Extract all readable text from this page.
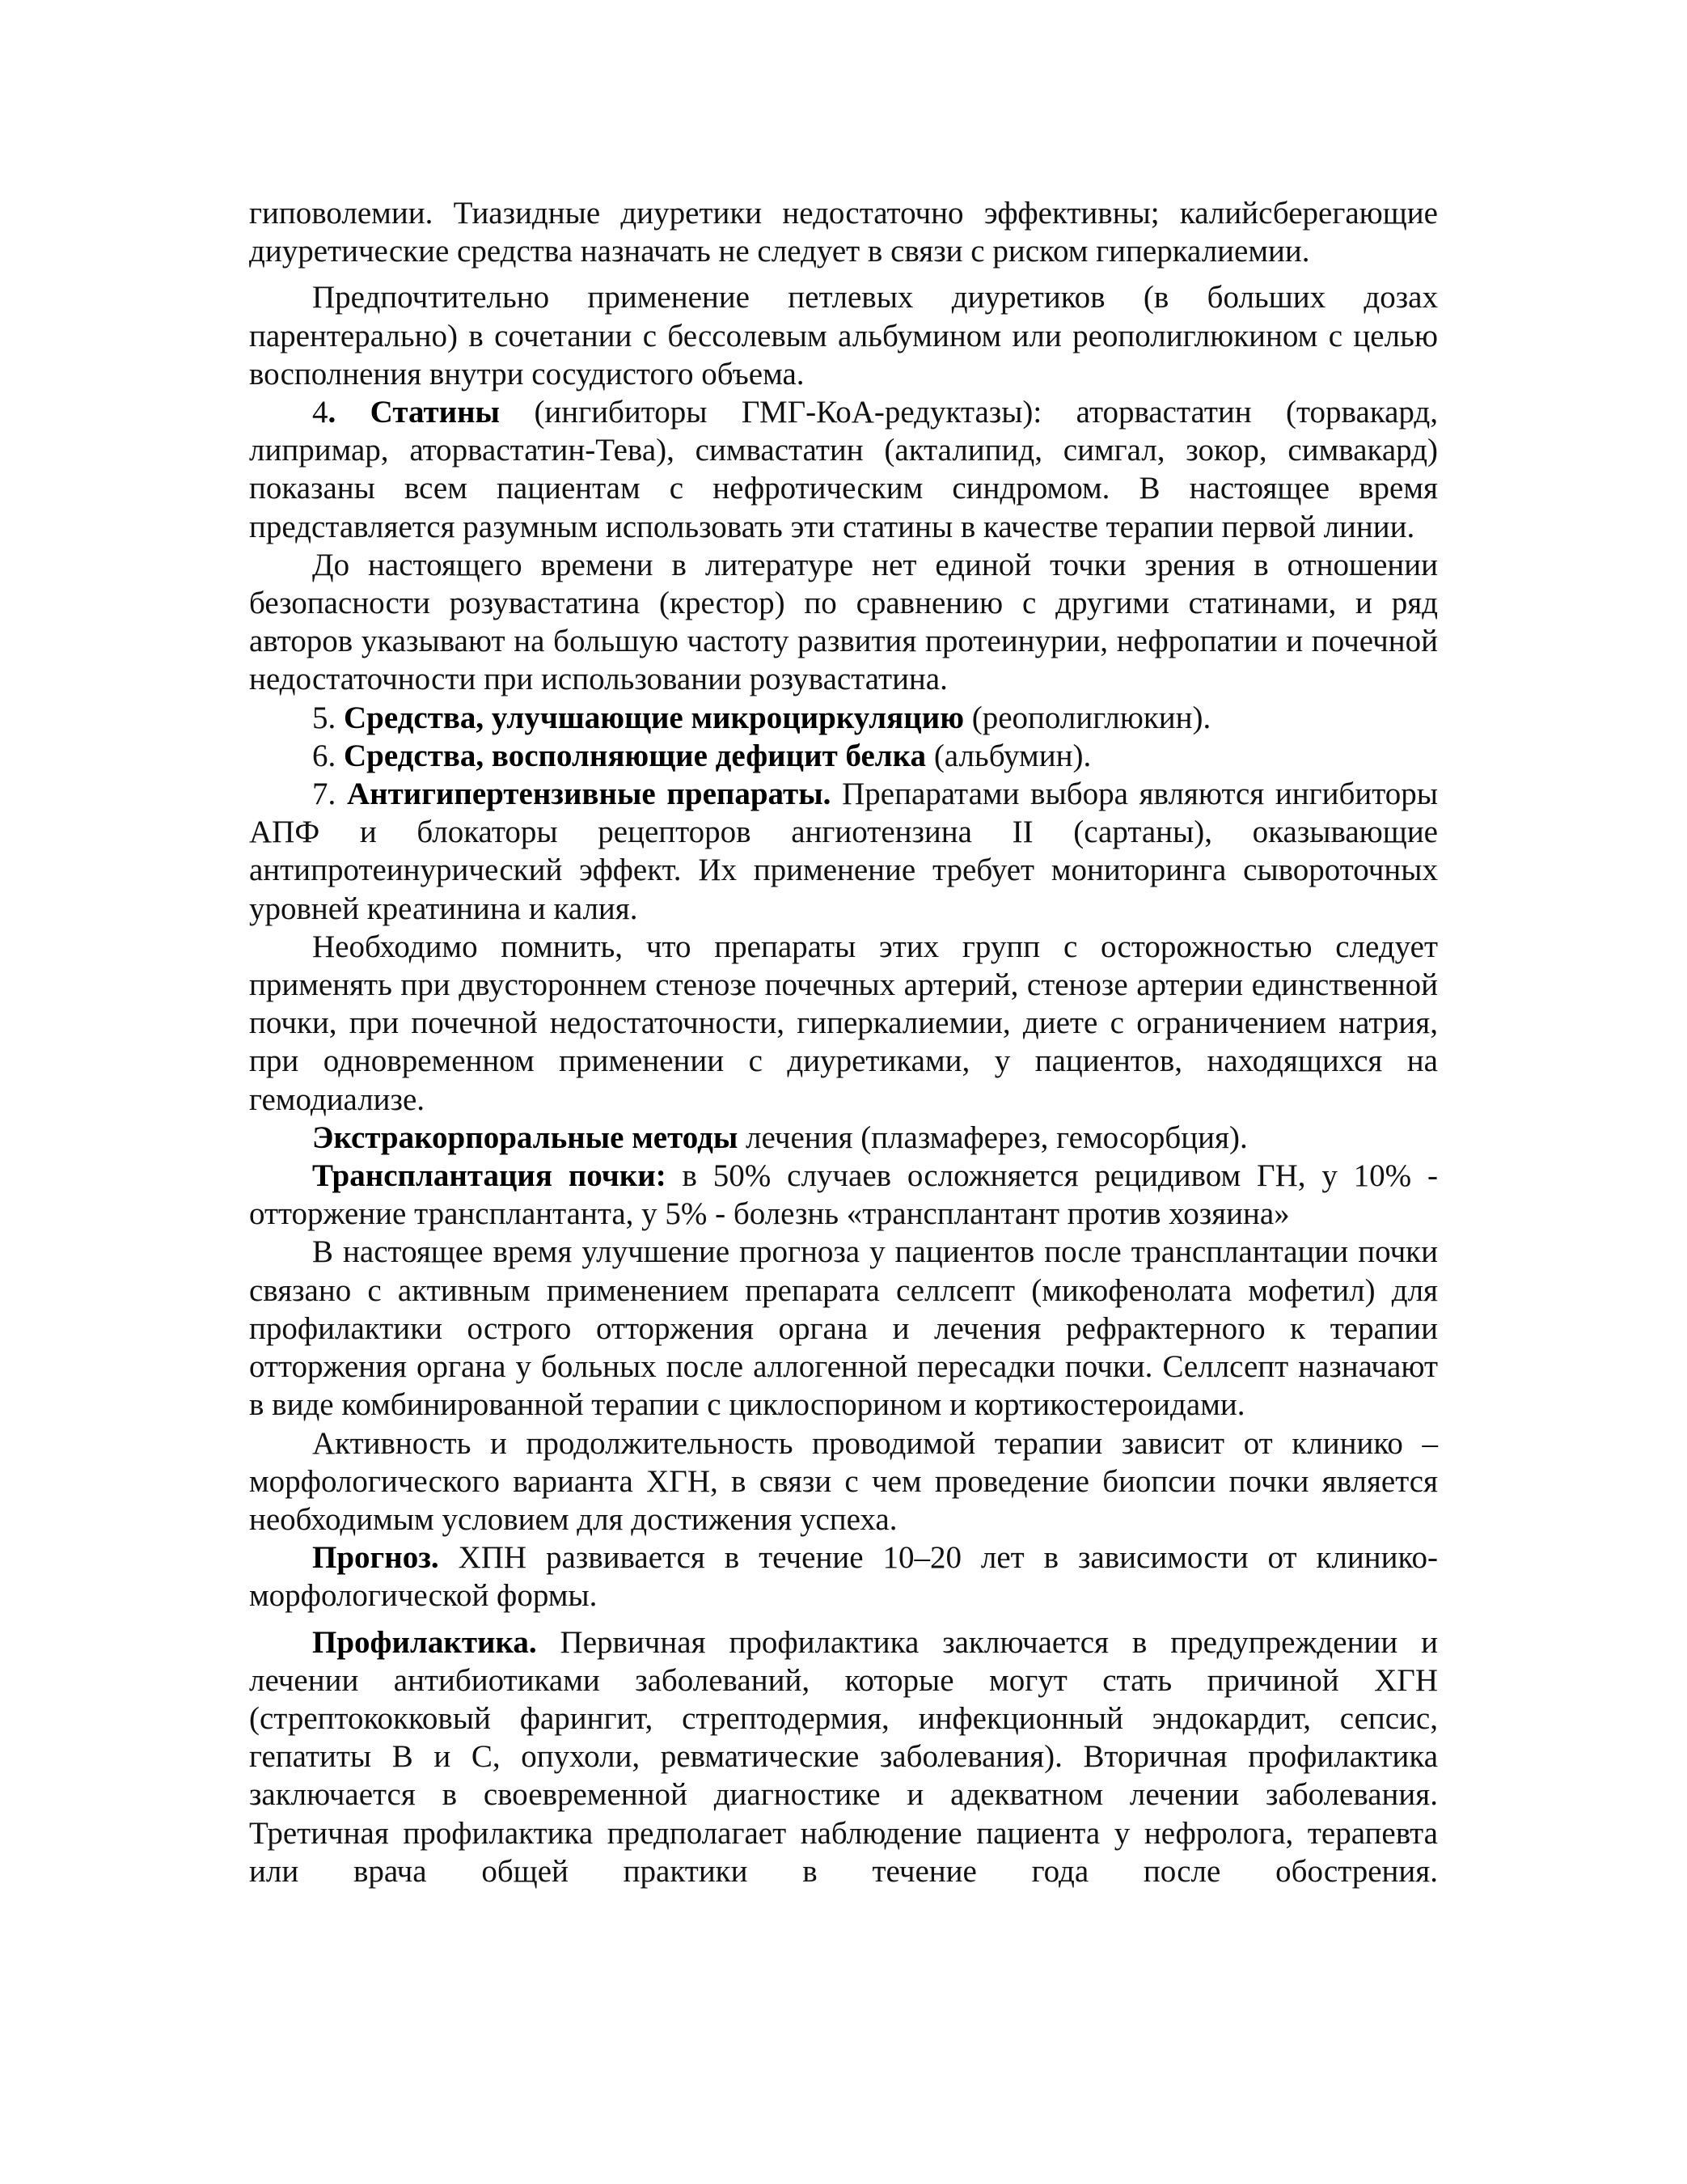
гиповолемии. Тиазидные диуретики недостаточно эффективны; калийсберегающие диуретические средства назначать не следует в связи с риском гиперкалиемии.

Предпочтительно применение петлевых диуретиков (в больших дозах парентерально) в сочетании с бессолевым альбумином или реополиглюкином с целью восполнения внутри сосудистого объема.

4. Статины (ингибиторы ГМГ-КоА-редуктазы): аторвастатин (торвакард, липримар, аторвастатин-Тева), симвастатин (акталипид, симгал, зокор, симвакард) показаны всем пациентам с нефротическим синдромом. В настоящее время представляется разумным использовать эти статины в качестве терапии первой линии.

До настоящего времени в литературе нет единой точки зрения в отношении безопасности розувастатина (крестор) по сравнению с другими статинами, и ряд авторов указывают на большую частоту развития протеинурии, нефропатии и почечной недостаточности при использовании розувастатина.

5. Средства, улучшающие микроциркуляцию (реополиглюкин).

6. Средства, восполняющие дефицит белка (альбумин).

7. Антигипертензивные препараты. Препаратами выбора являются ингибиторы АПФ и блокаторы рецепторов ангиотензина II (сартаны), оказывающие антипротеинурический эффект. Их применение требует мониторинга сывороточных уровней креатинина и калия.

Необходимо помнить, что препараты этих групп с осторожностью следует применять при двустороннем стенозе почечных артерий, стенозе артерии единственной почки, при почечной недостаточности, гиперкалиемии, диете с ограничением натрия, при одновременном применении с диуретиками, у пациентов, находящихся на гемодиализе.

Экстракорпоральные методы лечения (плазмаферез, гемосорбция).

Трансплантация почки: в 50% случаев осложняется рецидивом ГН, у 10% - отторжение трансплантанта, у 5% - болезнь «трансплантант против хозяина»

В настоящее время улучшение прогноза у пациентов после трансплантации почки связано с активным применением препарата селлсепт (микофенолата мофетил) для профилактики острого отторжения органа и лечения рефрактерного к терапии отторжения органа у больных после аллогенной пересадки почки. Селлсепт назначают в виде комбинированной терапии с циклоспорином и кортикостероидами.

Активность и продолжительность проводимой терапии зависит от клинико – морфологического варианта ХГН, в связи с чем проведение биопсии почки является необходимым условием для достижения успеха.

Прогноз. ХПН развивается в течение 10–20 лет в зависимости от клинико-морфологической формы.

Профилактика. Первичная профилактика заключается в предупреждении и лечении антибиотиками заболеваний, которые могут стать причиной ХГН (стрептококковый фарингит, стрептодермия, инфекционный эндокардит, сепсис, гепатиты В и С, опухоли, ревматические заболевания). Вторичная профилактика заключается в своевременной диагностике и адекватном лечении заболевания. Третичная профилактика предполагает наблюдение пациента у нефролога, терапевта или врача общей практики в течение года после обострения.
